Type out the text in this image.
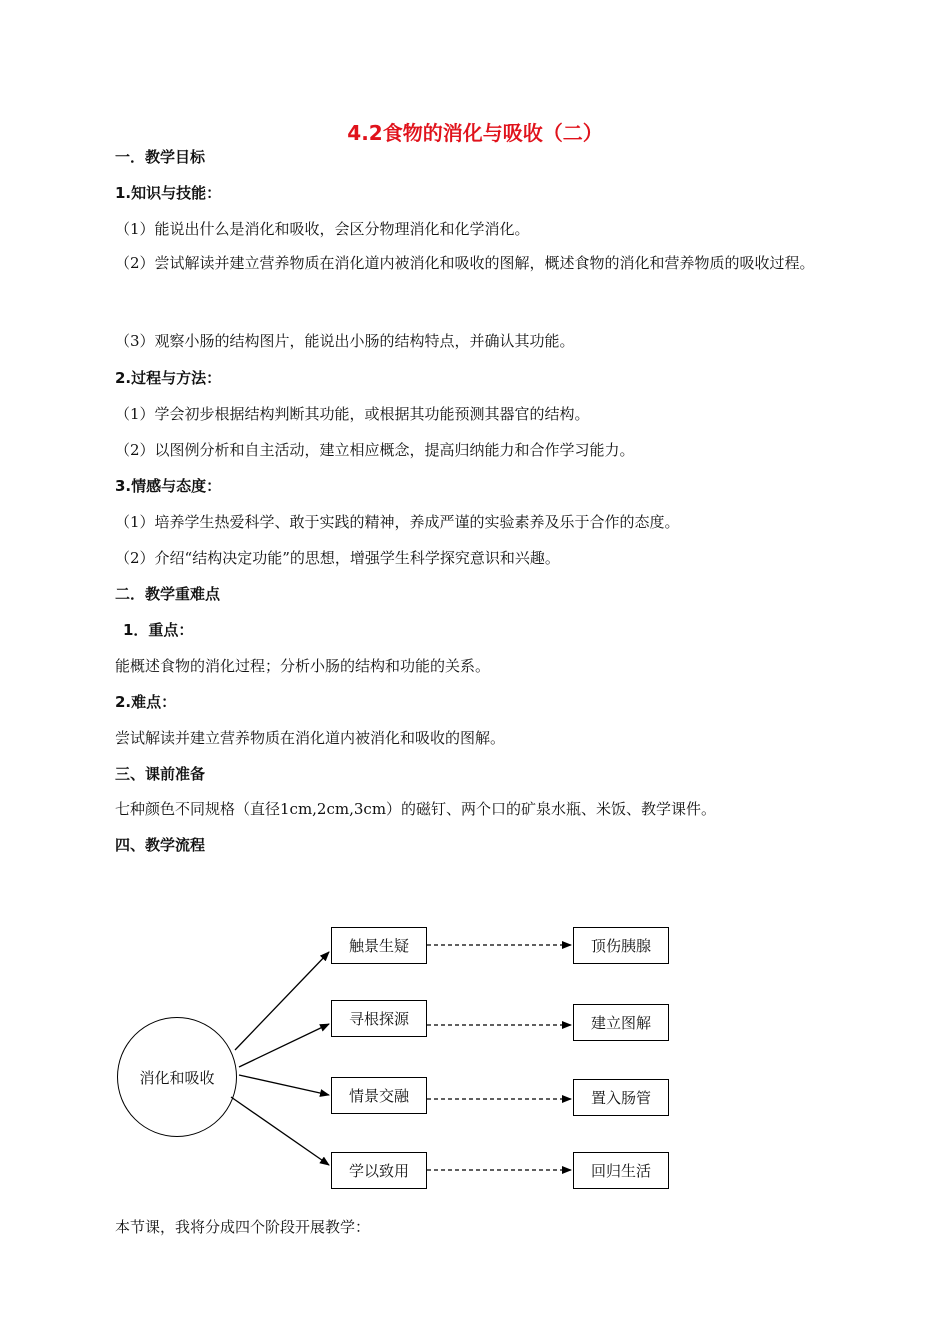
4.2食物的消化与吸收（二）
一．教学目标
1.知识与技能：
（1）能说出什么是消化和吸收，会区分物理消化和化学消化。
（2）尝试解读并建立营养物质在消化道内被消化和吸收的图解，概述食物的消化和营养物质的吸收过程。
（3）观察小肠的结构图片，能说出小肠的结构特点，并确认其功能。
2.过程与方法：
（1）学会初步根据结构判断其功能，或根据其功能预测其器官的结构。
（2）以图例分析和自主活动，建立相应概念，提高归纳能力和合作学习能力。
3.情感与态度：
（1）培养学生热爱科学、敢于实践的精神，养成严谨的实验素养及乐于合作的态度。
（2）介绍“结构决定功能”的思想，增强学生科学探究意识和兴趣。
二．教学重难点
1．重点：
能概述食物的消化过程；分析小肠的结构和功能的关系。
2.难点：
尝试解读并建立营养物质在消化道内被消化和吸收的图解。
三、课前准备
七种颜色不同规格（直径1cm,2cm,3cm）的磁钉、两个口的矿泉水瓶、米饭、教学课件。
四、教学流程
消化和吸收
触景生疑
寻根探源
情景交融
学以致用
顶伤胰腺
建立图解
置入肠管
回归生活
本节课，我将分成四个阶段开展教学：
